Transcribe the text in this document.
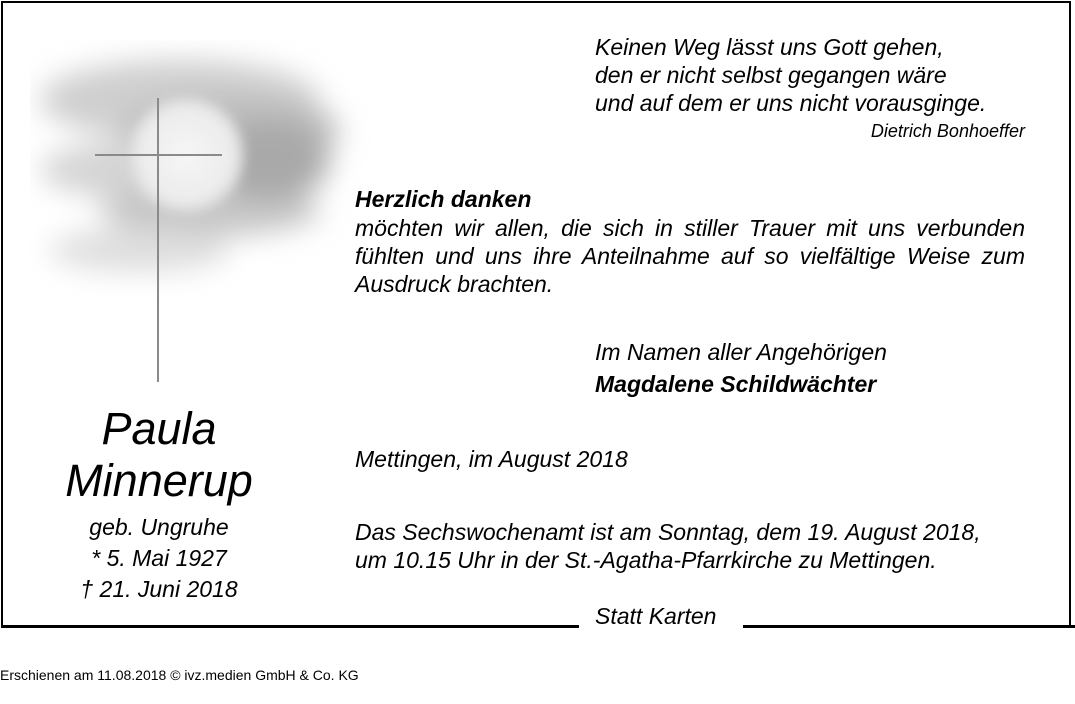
Paula
Minnerup
geb. Ungruhe
* 5. Mai 1927
† 21. Juni 2018
Keinen Weg lässt uns Gott gehen,
den er nicht selbst gegangen wäre
und auf dem er uns nicht vorausginge.
Dietrich Bonhoeffer
Herzlich danken
möchten wir allen, die sich in stiller Trauer mit uns verbunden fühlten und uns ihre Anteilnahme auf so vielfältige Weise zum Ausdruck brachten.
Im Namen aller Angehörigen
Magdalene Schildwächter
Mettingen, im August 2018
Das Sechswochenamt ist am Sonntag, dem 19. August 2018,
um 10.15 Uhr in der St.-Agatha-Pfarrkirche zu Mettingen.
Statt Karten
Erschienen am 11.08.2018 © ivz.medien GmbH & Co. KG
